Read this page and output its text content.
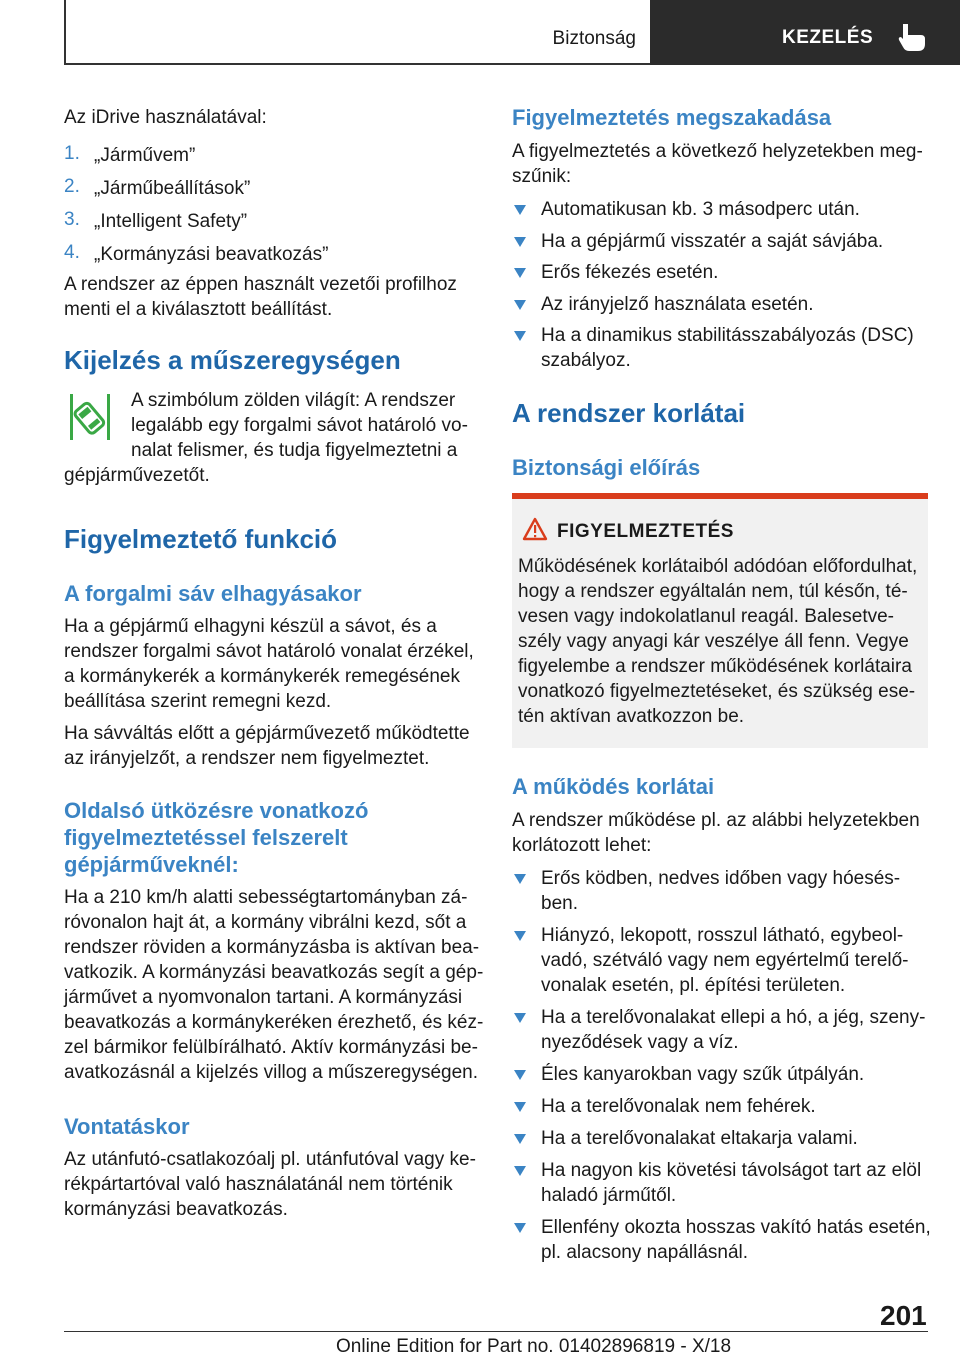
Biztonság	KEZELÉS
FIGYELMEZTETÉS
201
Online Edition for Part no. 01402896819 - X/18
Az iDrive használatával:
1. „Járművem”
2. „Járműbeállítások”
3. „Intelligent Safety”
4. „Kormányzási beavatkozás”
A rendszer az éppen használt vezetői profilhoz
menti el a kiválasztott beállítást.
Kijelzés a műszeregységen
A szimbólum zölden világít: A rendszer
legalább egy forgalmi sávot határoló vo-
nalat felismer, és tudja figyelmeztetni a
gépjárművezetőt.
Figyelmeztető funkció
A forgalmi sáv elhagyásakor
Ha a gépjármű elhagyni készül a sávot, és a
rendszer forgalmi sávot határoló vonalat érzékel,
a kormánykerék a kormánykerék remegésének
beállítása szerint remegni kezd.
Ha sávváltás előtt a gépjárművezető működtette
az irányjelzőt, a rendszer nem figyelmeztet.
Oldalsó ütközésre vonatkozó
figyelmeztetéssel felszerelt
gépjárműveknél:
Ha a 210 km/h alatti sebességtartományban zá-
róvonalon hajt át, a kormány vibrálni kezd, sőt a
rendszer röviden a kormányzásba is aktívan bea-
vatkozik. A kormányzási beavatkozás segít a gép-
járművet a nyomvonalon tartani. A kormányzási
beavatkozás a kormánykeréken érezhető, és kéz-
zel bármikor felülbírálható. Aktív kormányzási be-
avatkozásnál a kijelzés villog a műszeregységen.
Vontatáskor
Az utánfutó-csatlakozóalj pl. utánfutóval vagy ke-
rékpártartóval való használatánál nem történik
kormányzási beavatkozás.
Figyelmeztetés megszakadása
A figyelmeztetés a következő helyzetekben meg-
szűnik:
Automatikusan kb. 3 másodperc után.
Ha a gépjármű visszatér a saját sávjába.
Erős fékezés esetén.
Az irányjelző használata esetén.
Ha a dinamikus stabilitásszabályozás (DSC)
szabályoz.
A rendszer korlátai
Biztonsági előírás
Működésének korlátaiból adódóan előfordulhat,
hogy a rendszer egyáltalán nem, túl későn, té-
vesen vagy indokolatlanul reagál. Balesetve-
szély vagy anyagi kár veszélye áll fenn. Vegye
figyelembe a rendszer működésének korlátaira
vonatkozó figyelmeztetéseket, és szükség ese-
tén aktívan avatkozzon be.
A működés korlátai
A rendszer működése pl. az alábbi helyzetekben
korlátozott lehet:
Erős ködben, nedves időben vagy hóesés-
ben.
Hiányzó, lekopott, rosszul látható, egybeol-
vadó, szétváló vagy nem egyértelmű terelő-
vonalak esetén, pl. építési területen.
Ha a terelővonalakat ellepi a hó, a jég, szeny-
nyeződések vagy a víz.
Éles kanyarokban vagy szűk útpályán.
Ha a terelővonalak nem fehérek.
Ha a terelővonalakat eltakarja valami.
Ha nagyon kis követési távolságot tart az elöl
haladó járműtől.
Ellenfény okozta hosszas vakító hatás esetén,
pl. alacsony napállásnál.
